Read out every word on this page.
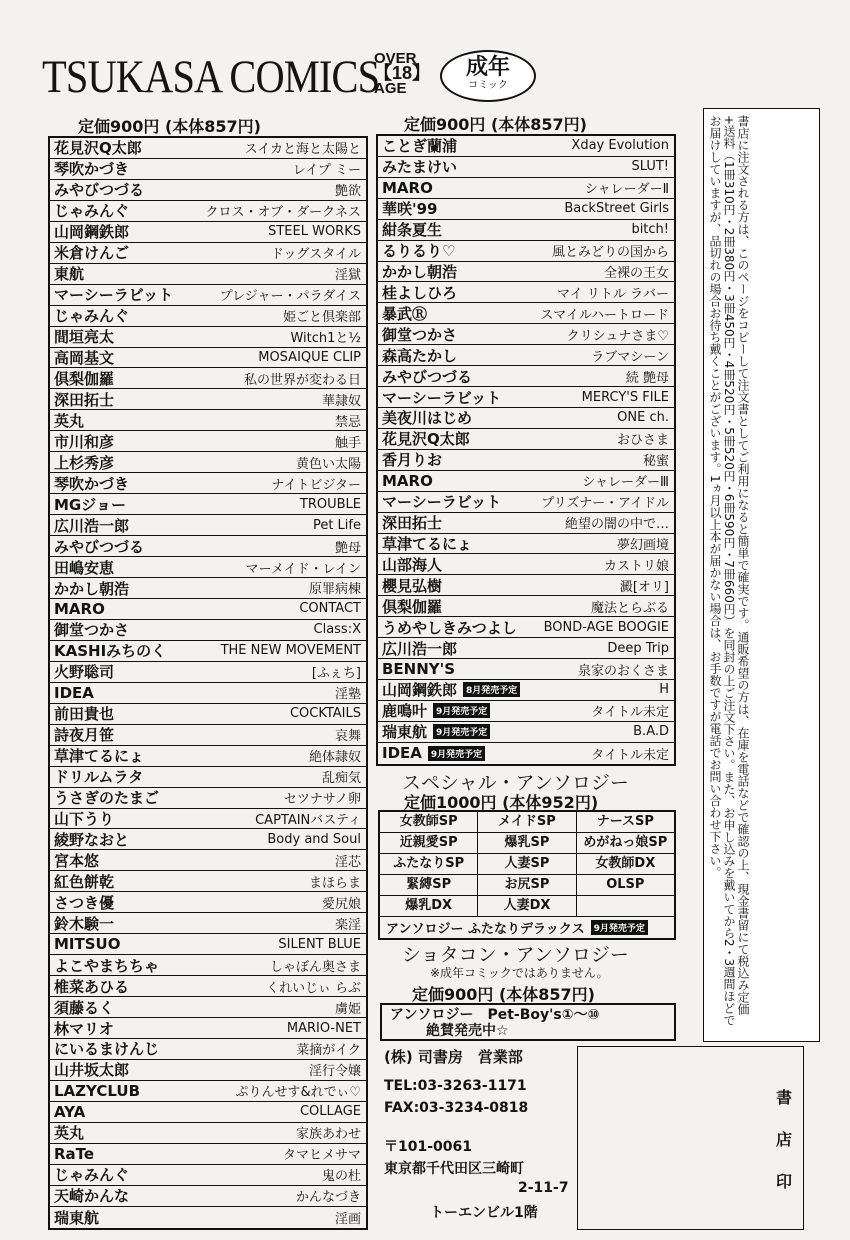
TSUKASA COMICS
OVER
【18】
AGE
成年
コミック
定価900円 (本体857円)
花見沢Q太郎	スイカと海と太陽と
琴吹かづき	レイプ ミー
みやびつづる	艶欲
じゃみんぐ	クロス・オブ・ダークネス
山岡鋼鉄郎	STEEL WORKS
米倉けんご	ドッグスタイル
東航	淫獄
マーシーラビット	プレジャー・パラダイス
じゃみんぐ	姫ごと倶楽部
間垣亮太	Witch1と½
高岡基文	MOSAIQUE CLIP
倶梨伽羅	私の世界が変わる日
深田拓士	華隷奴
英丸	禁忌
市川和彦	触手
上杉秀彦	黄色い太陽
琴吹かづき	ナイトビジター
MGジョー	TROUBLE
広川浩一郎	Pet Life
みやびつづる	艶母
田嶋安恵	マーメイド・レイン
かかし朝浩	原罪病棟
MARO	CONTACT
御堂つかさ	Class:X
KASHIみちのく	THE NEW MOVEMENT
火野聡司	[ふぇち]
IDEA	淫塾
前田貴也	COCKTAILS
詩夜月笹	哀舞
草津てるにょ	絶体隷奴
ドリルムラタ	乱痴気
うさぎのたまご	セツナサノ卵
山下うり	CAPTAINバスティ
綾野なおと	Body and Soul
宮本悠	淫芯
紅色餅乾	まほらま
さつき優	愛尻娘
鈴木験一	楽淫
MITSUO	SILENT BLUE
よこやまちちゃ	しゃぼん奥さま
椎菜あひる	くれいじぃ らぶ
須藤るく	虜姫
林マリオ	MARIO-NET
にいるまけんじ	菜摘がイク
山井坂太郎	淫行令嬢
LAZYCLUB	ぷりんせす&れでぃ♡
AYA	COLLAGE
英丸	家族あわせ
RaTe	タマヒメサマ
じゃみんぐ	鬼の杜
天崎かんな	かんなづき
瑞東航	淫画
定価900円 (本体857円)
ことぎ蘭浦	Xday Evolution
みたまけい	SLUT!
MARO	シャレーダーⅡ
華咲'99	BackStreet Girls
紺条夏生	bitch!
るりるり♡	風とみどりの国から
かかし朝浩	全裸の王女
桂よしひろ	マイ リトル ラバー
暴武Ⓡ	スマイルハートロード
御堂つかさ	クリシュナさま♡
森高たかし	ラブマシーン
みやびつづる	続 艶母
マーシーラビット	MERCY'S FILE
美夜川はじめ	ONE ch.
花見沢Q太郎	おひさま
香月りお	秘蜜
MARO	シャレーダーⅢ
マーシーラビット	プリズナー・アイドル
深田拓士	絶望の闇の中で…
草津てるにょ	夢幻画境
山部海人	カストリ娘
櫻見弘樹	澱[オリ]
倶梨伽羅	魔法とらぶる
うめやしきみつよし BOND-AGE BOOGIE
広川浩一郎	Deep Trip
BENNY'S	泉家のおくさま
山岡鋼鉄郎	8月発売予定	H
鹿鳴叶	9月発売予定	タイトル未定
瑞東航	9月発売予定	B.A.D
IDEA	9月発売予定	タイトル未定
スペシャル・アンソロジー
定価1000円 (本体952円)
女教師SP	メイドSP	ナースSP
近親愛SP	爆乳SP	めがねっ娘SP
ふたなりSP	人妻SP	女教師DX
緊縛SP	お尻SP	OLSP
爆乳DX	人妻DX
アンソロジー ふたなりデラックス	9月発売予定
ショタコン・アンソロジー
※成年コミックではありません。
定価900円 (本体857円)
アンソロジー　Pet-Boy's①～⑩
絶賛発売中☆
(株) 司書房　営業部
TEL:03-3263-1171
FAX:03-3234-0818
〒101-0061
東京都千代田区三崎町
2-11-7
トーエンビル1階
書
店
印

書店に注文される方は、このページをコピーして注文書としてご利用になると簡単で確実です。通販希望の方は、在庫を電話などで確認の上、現金書留にて税込み定価+送料（1冊310円・2冊380円・3冊450円・4冊520円・5冊520円・6冊590円・7冊660円）を同封の上ご注文下さい。また、お申し込みを戴いてから2・3週間ほどでお届けしていますが、品切れの場合お待ち戴くことがございます。1ヵ月以上本が届かない場合は、お手数ですが電話でお問い合わせ下さい。
